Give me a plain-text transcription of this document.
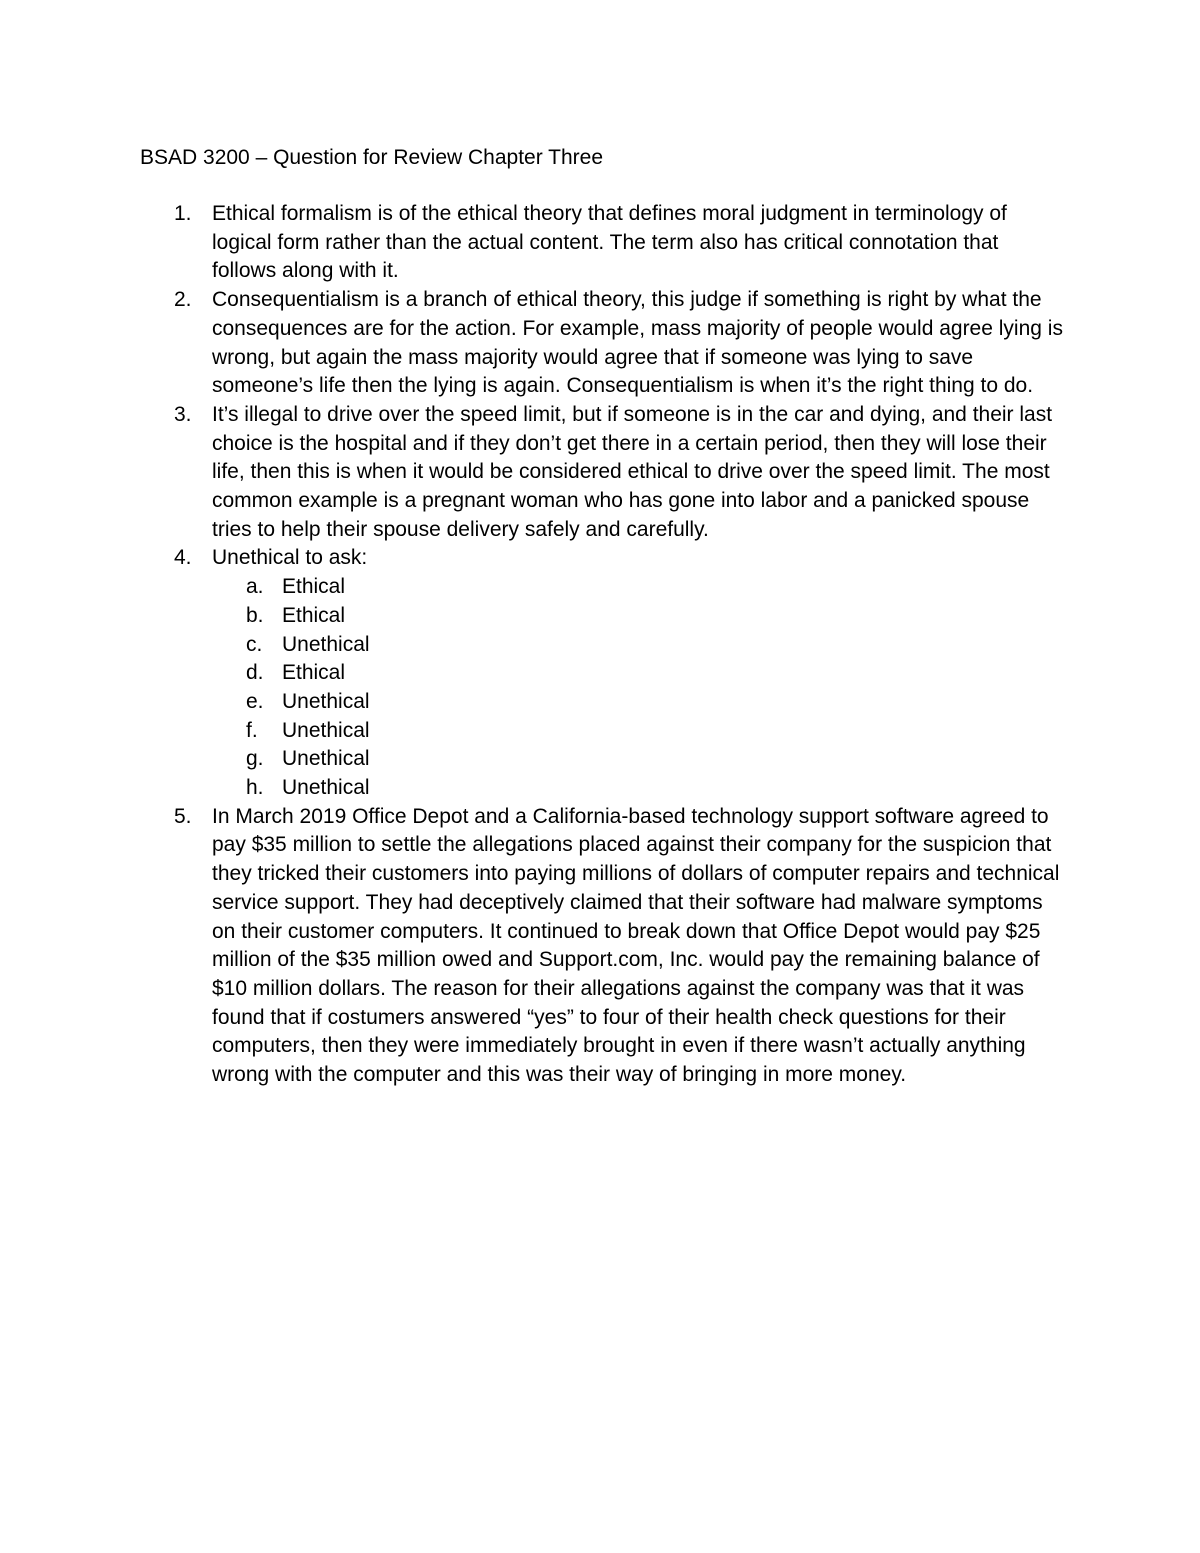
BSAD 3200 – Question for Review Chapter Three
1. Ethical formalism is of the ethical theory that defines moral judgment in terminology of logical form rather than the actual content. The term also has critical connotation that follows along with it.
2. Consequentialism is a branch of ethical theory, this judge if something is right by what the consequences are for the action. For example, mass majority of people would agree lying is wrong, but again the mass majority would agree that if someone was lying to save someone’s life then the lying is again. Consequentialism is when it’s the right thing to do.
3. It’s illegal to drive over the speed limit, but if someone is in the car and dying, and their last choice is the hospital and if they don’t get there in a certain period, then they will lose their life, then this is when it would be considered ethical to drive over the speed limit. The most common example is a pregnant woman who has gone into labor and a panicked spouse tries to help their spouse delivery safely and carefully.
4. Unethical to ask:
a. Ethical
b. Ethical
c. Unethical
d. Ethical
e. Unethical
f. Unethical
g. Unethical
h. Unethical
5. In March 2019 Office Depot and a California-based technology support software agreed to pay $35 million to settle the allegations placed against their company for the suspicion that they tricked their customers into paying millions of dollars of computer repairs and technical service support. They had deceptively claimed that their software had malware symptoms on their customer computers. It continued to break down that Office Depot would pay $25 million of the $35 million owed and Support.com, Inc. would pay the remaining balance of $10 million dollars. The reason for their allegations against the company was that it was found that if costumers answered “yes” to four of their health check questions for their computers, then they were immediately brought in even if there wasn’t actually anything wrong with the computer and this was their way of bringing in more money.
